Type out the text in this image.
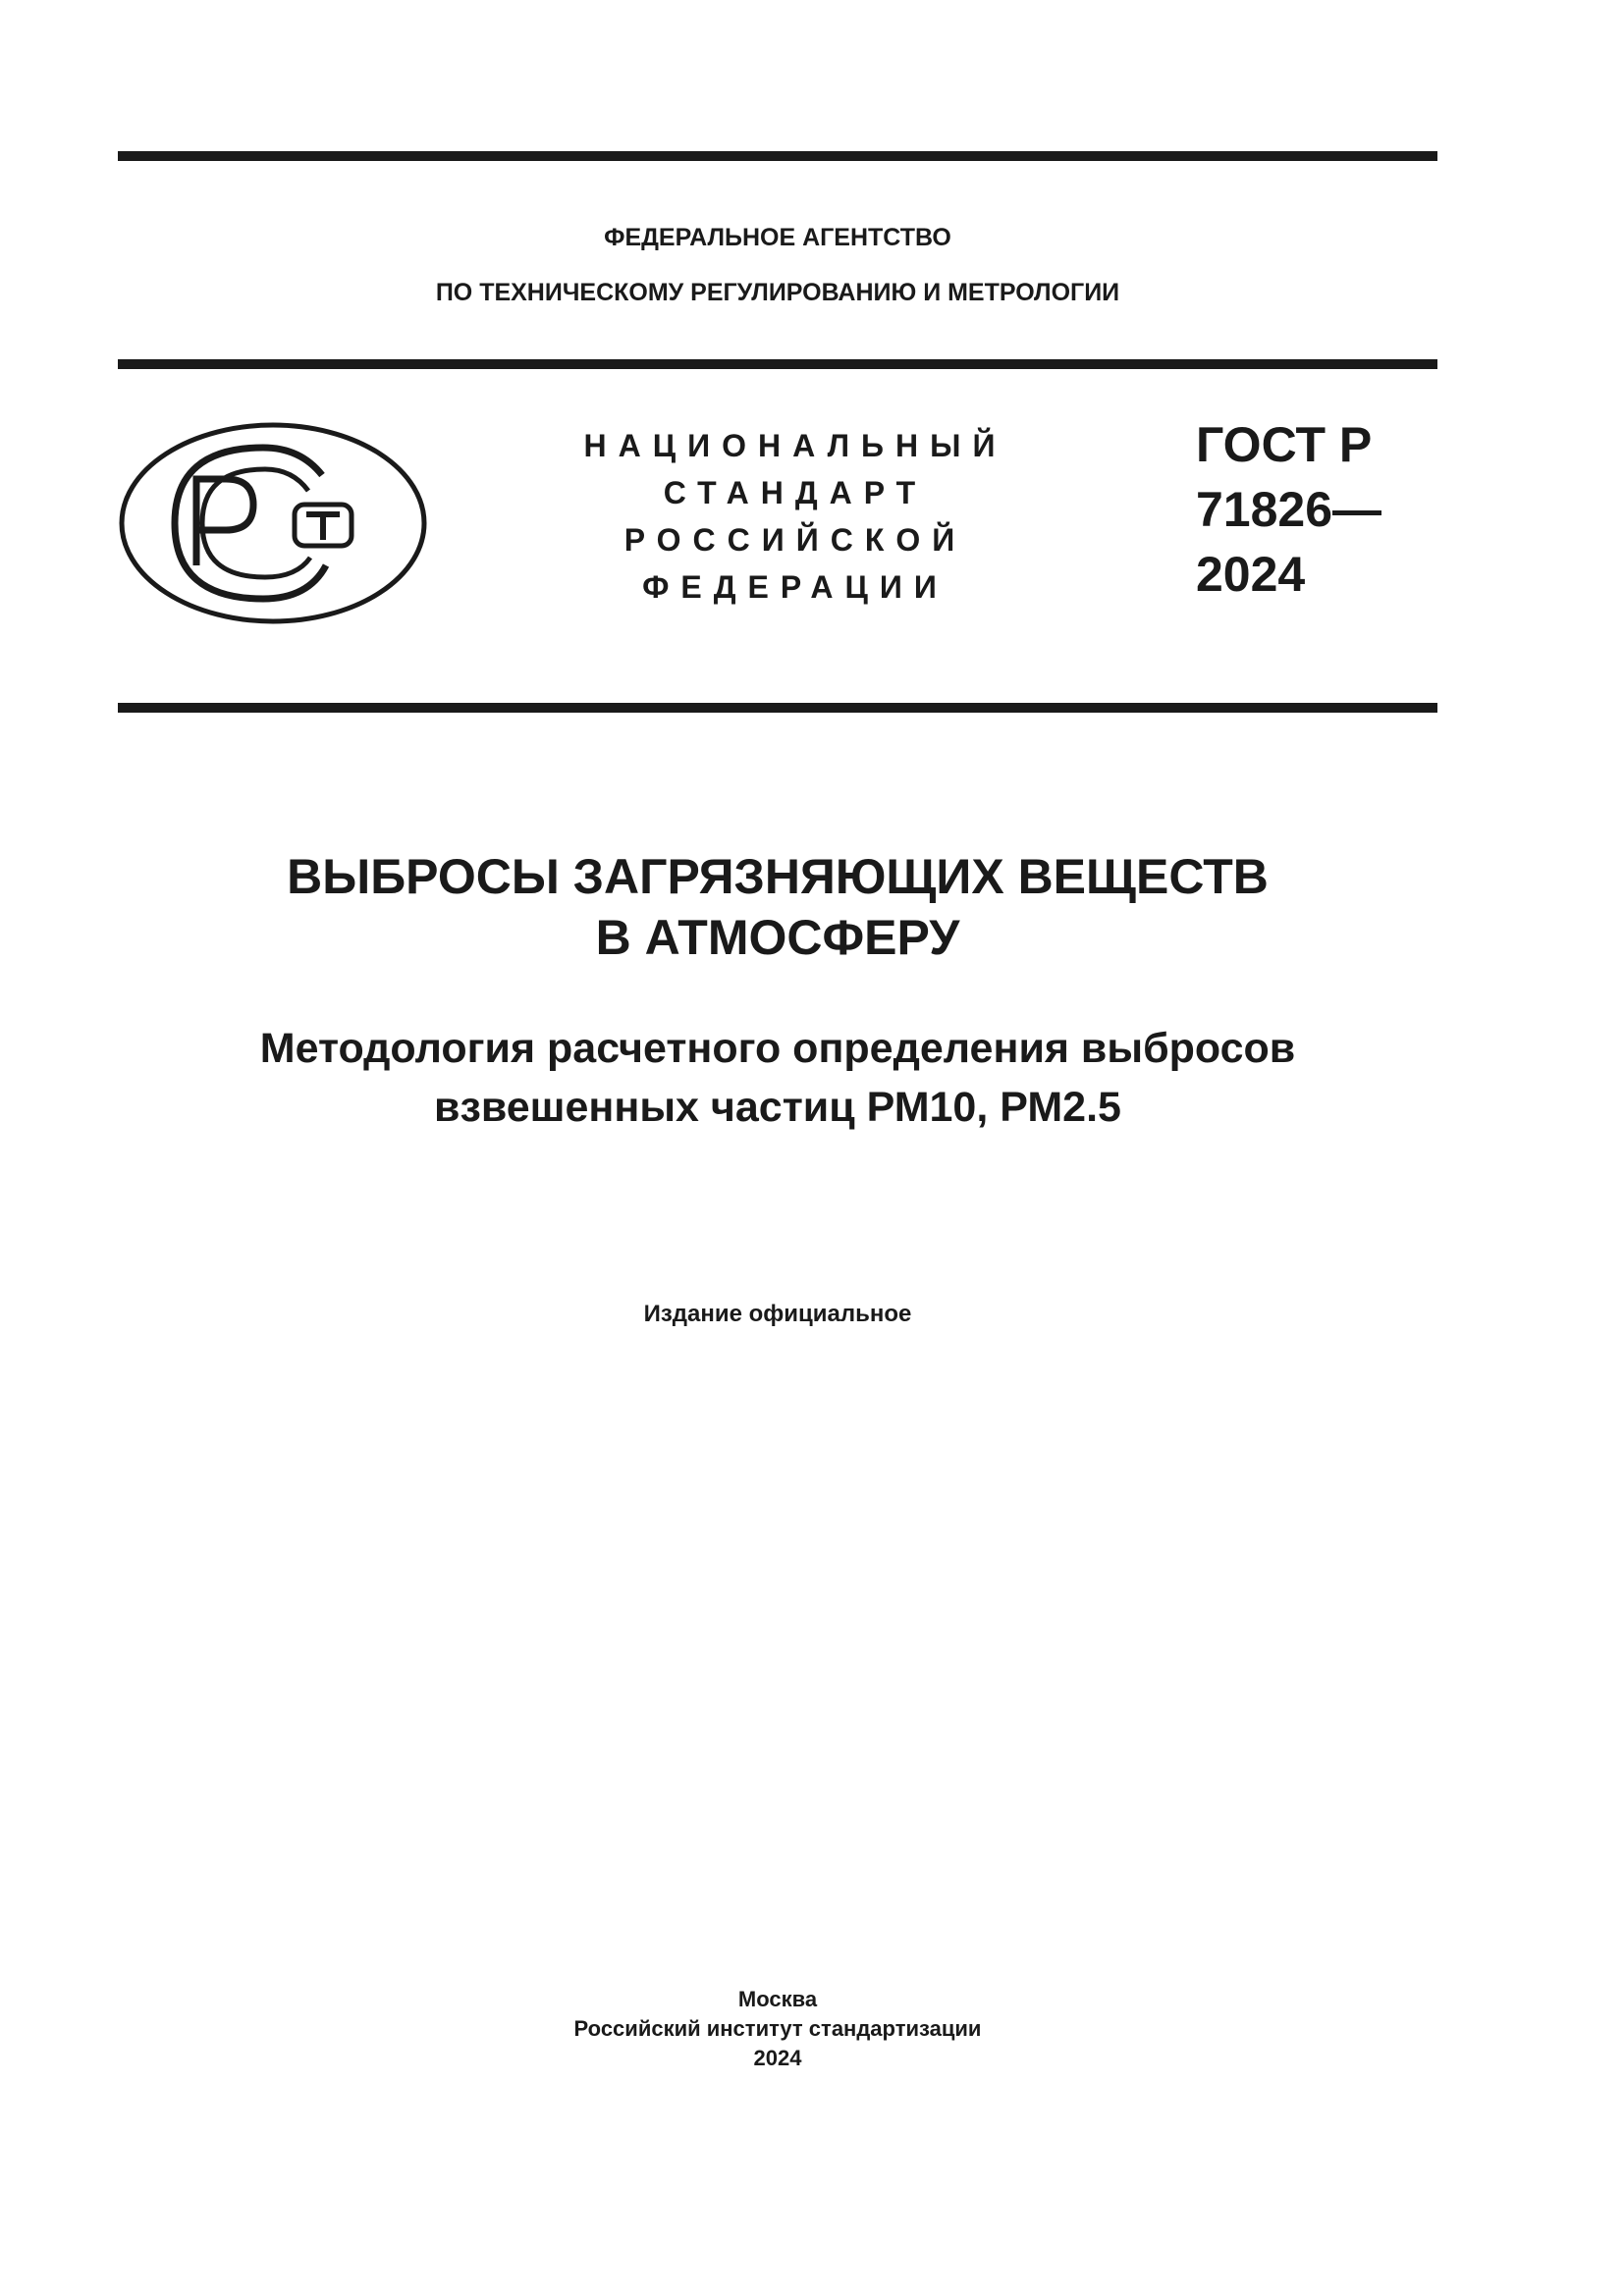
ФЕДЕРАЛЬНОЕ АГЕНТСТВО
ПО ТЕХНИЧЕСКОМУ РЕГУЛИРОВАНИЮ И МЕТРОЛОГИИ
НАЦИОНАЛЬНЫЙ
СТАНДАРТ
РОССИЙСКОЙ
ФЕДЕРАЦИИ
ГОСТ Р
71826—
2024
ВЫБРОСЫ ЗАГРЯЗНЯЮЩИХ ВЕЩЕСТВ
В АТМОСФЕРУ
Методология расчетного определения выбросов
взвешенных частиц РМ10, РМ2.5
Издание официальное
Москва
Российский институт стандартизации
2024
